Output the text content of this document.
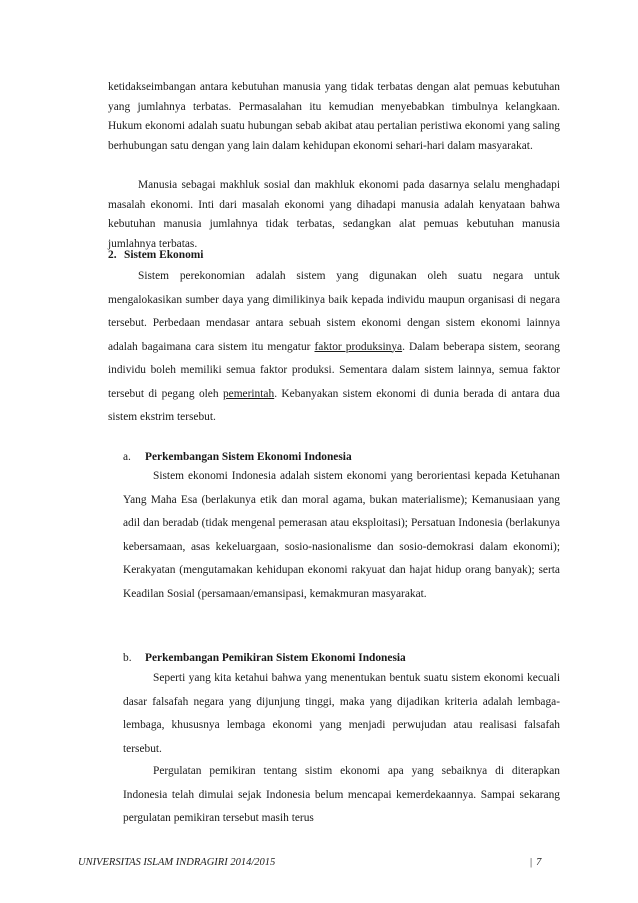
ketidakseimbangan antara kebutuhan manusia yang tidak terbatas dengan alat pemuas kebutuhan yang jumlahnya terbatas. Permasalahan itu kemudian menyebabkan timbulnya kelangkaan. Hukum ekonomi adalah suatu hubungan sebab akibat atau pertalian peristiwa ekonomi yang saling berhubungan satu dengan yang lain dalam kehidupan ekonomi sehari-hari dalam masyarakat.

Manusia sebagai makhluk sosial dan makhluk ekonomi pada dasarnya selalu menghadapi masalah ekonomi. Inti dari masalah ekonomi yang dihadapi manusia adalah kenyataan bahwa kebutuhan manusia jumlahnya tidak terbatas, sedangkan alat pemuas kebutuhan manusia jumlahnya terbatas.

2. Sistem Ekonomi

Sistem perekonomian adalah sistem yang digunakan oleh suatu negara untuk mengalokasikan sumber daya yang dimilikinya baik kepada individu maupun organisasi di negara tersebut. Perbedaan mendasar antara sebuah sistem ekonomi dengan sistem ekonomi lainnya adalah bagaimana cara sistem itu mengatur faktor produksinya. Dalam beberapa sistem, seorang individu boleh memiliki semua faktor produksi. Sementara dalam sistem lainnya, semua faktor tersebut di pegang oleh pemerintah. Kebanyakan sistem ekonomi di dunia berada di antara dua sistem ekstrim tersebut.

a. Perkembangan Sistem Ekonomi Indonesia

Sistem ekonomi Indonesia adalah sistem ekonomi yang berorientasi kepada Ketuhanan Yang Maha Esa (berlakunya etik dan moral agama, bukan materialisme); Kemanusiaan yang adil dan beradab (tidak mengenal pemerasan atau eksploitasi); Persatuan Indonesia (berlakunya kebersamaan, asas kekeluargaan, sosio-nasionalisme dan sosio-demokrasi dalam ekonomi); Kerakyatan (mengutamakan kehidupan ekonomi rakyuat dan hajat hidup orang banyak); serta Keadilan Sosial (persamaan/emansipasi, kemakmuran masyarakat.

b. Perkembangan Pemikiran Sistem Ekonomi Indonesia

Seperti yang kita ketahui bahwa yang menentukan bentuk suatu sistem ekonomi kecuali dasar falsafah negara yang dijunjung tinggi, maka yang dijadikan kriteria adalah lembaga-lembaga, khususnya lembaga ekonomi yang menjadi perwujudan atau realisasi falsafah tersebut.

Pergulatan pemikiran tentang sistim ekonomi apa yang sebaiknya di diterapkan Indonesia telah dimulai sejak Indonesia belum mencapai kemerdekaannya. Sampai sekarang pergulatan pemikiran tersebut masih terus

UNIVERSITAS ISLAM INDRAGIRI 2014/2015	| 7
